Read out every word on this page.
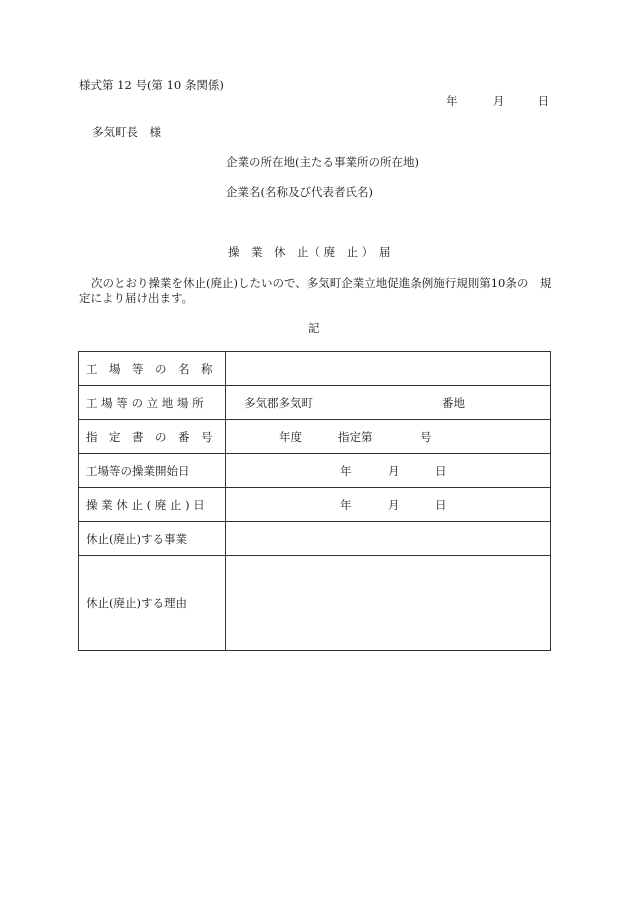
様式第 12 号(第 10 条関係)
年	月	日
多気町長　様
企業の所在地(主たる事業所の所在地)
企業名(名称及び代表者氏名)
操　業　休　止（ 廃　止 ）　届
次のとおり操業を休止(廃止)したいので、多気町企業立地促進条例施行規則第10条の　規定により届け出ます。
記
工　場　等　の　名　称	
工 場 等 の 立 地 場 所	多気郡多気町 番地

指　定　書　の　番　号	年度 指定第 号

工場等の操業開始日	年 月 日

操 業 休 止 ( 廃 止 ) 日	年 月 日

休止(廃止)する事業	
休止(廃止)する理由	
